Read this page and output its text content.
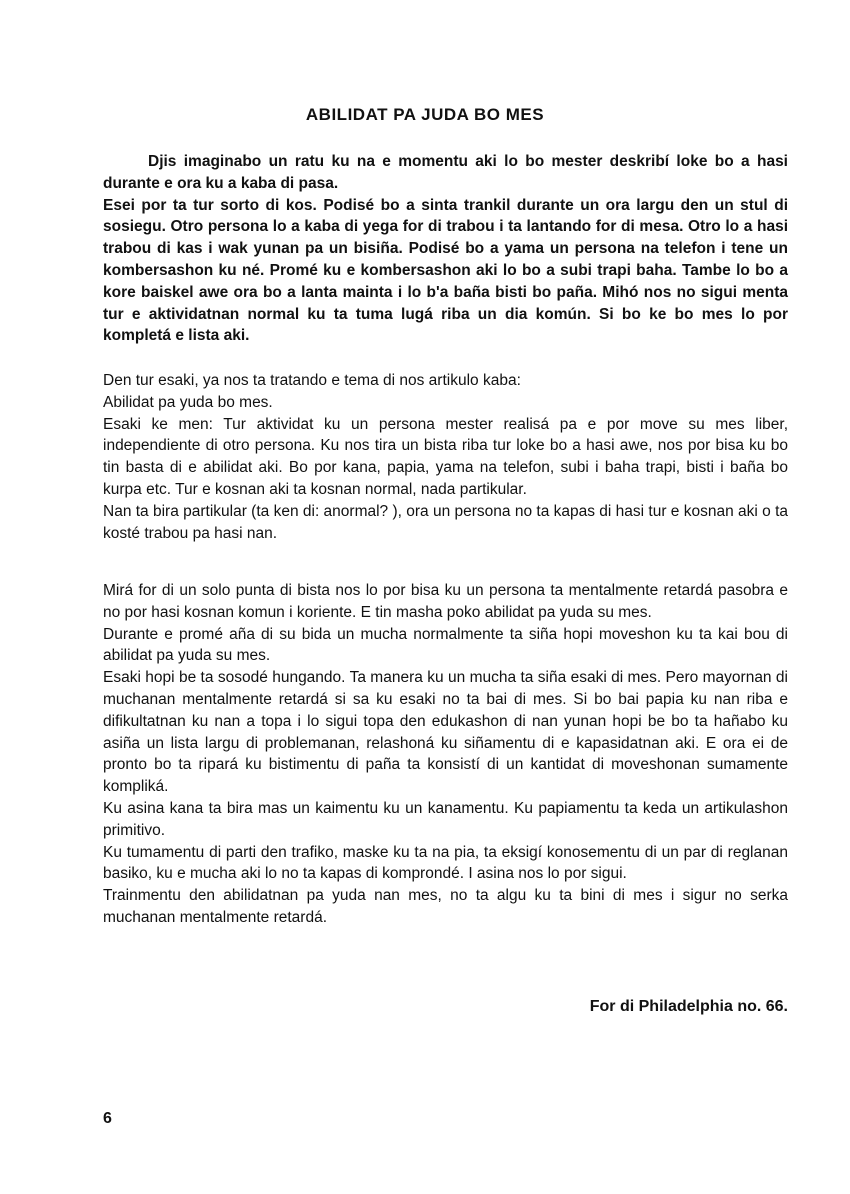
ABILIDAT PA JUDA BO MES

Djis imaginabo un ratu ku na e momentu aki lo bo mester deskribí loke bo a hasi durante e ora ku a kaba di pasa.

Esei por ta tur sorto di kos. Podisé bo a sinta trankil durante un ora largu den un stul di sosiegu. Otro persona lo a kaba di yega for di trabou i ta lantando for di mesa. Otro lo a hasi trabou di kas i wak yunan pa un bisiña. Podisé bo a yama un persona na telefon i tene un kombersashon ku né. Promé ku e kombersashon aki lo bo a subi trapi baha. Tambe lo bo a kore baiskel awe ora bo a lanta mainta i lo b'a baña bisti bo paña. Mihó nos no sigui menta tur e aktividatnan normal ku ta tuma lugá riba un dia komún. Si bo ke bo mes lo por kompletá e lista aki.

Den tur esaki, ya nos ta tratando e tema di nos artikulo kaba:

Abilidat pa yuda bo mes.

Esaki ke men: Tur aktividat ku un persona mester realisá pa e por move su mes liber, independiente di otro persona. Ku nos tira un bista riba tur loke bo a hasi awe, nos por bisa ku bo tin basta di e abilidat aki. Bo por kana, papia, yama na telefon, subi i baha trapi, bisti i baña bo kurpa etc. Tur e kosnan aki ta kosnan normal, nada partikular.

Nan ta bira partikular (ta ken di: anormal? ), ora un persona no ta kapas di hasi tur e kosnan aki o ta kosté trabou pa hasi nan.

Mirá for di un solo punta di bista nos lo por bisa ku un persona ta mentalmente retardá pasobra e no por hasi kosnan komun i koriente. E tin masha poko abilidat pa yuda su mes.

Durante e promé aña di su bida un mucha normalmente ta siña hopi moveshon ku ta kai bou di abilidat pa yuda su mes.

Esaki hopi be ta sosodé hungando. Ta manera ku un mucha ta siña esaki di mes. Pero mayornan di muchanan mentalmente retardá si sa ku esaki no ta bai di mes. Si bo bai papia ku nan riba e difikultatnan ku nan a topa i lo sigui topa den edukashon di nan yunan hopi be bo ta hañabo ku asiña un lista largu di problemanan, relashoná ku siñamentu di e kapasidatnan aki. E ora ei de pronto bo ta ripará ku bistimentu di paña ta konsistí di un kantidat di moveshonan sumamente kompliká.

Ku asina kana ta bira mas un kaimentu ku un kanamentu. Ku papiamentu ta keda un artikulashon primitivo.

Ku tumamentu di parti den trafiko, maske ku ta na pia, ta eksigí konosementu di un par di reglanan basiko, ku e mucha aki lo no ta kapas di komprondé. I asina nos lo por sigui.

Trainmentu den abilidatnan pa yuda nan mes, no ta algu ku ta bini di mes i sigur no serka muchanan mentalmente retardá.

For di Philadelphia no. 66.
6
